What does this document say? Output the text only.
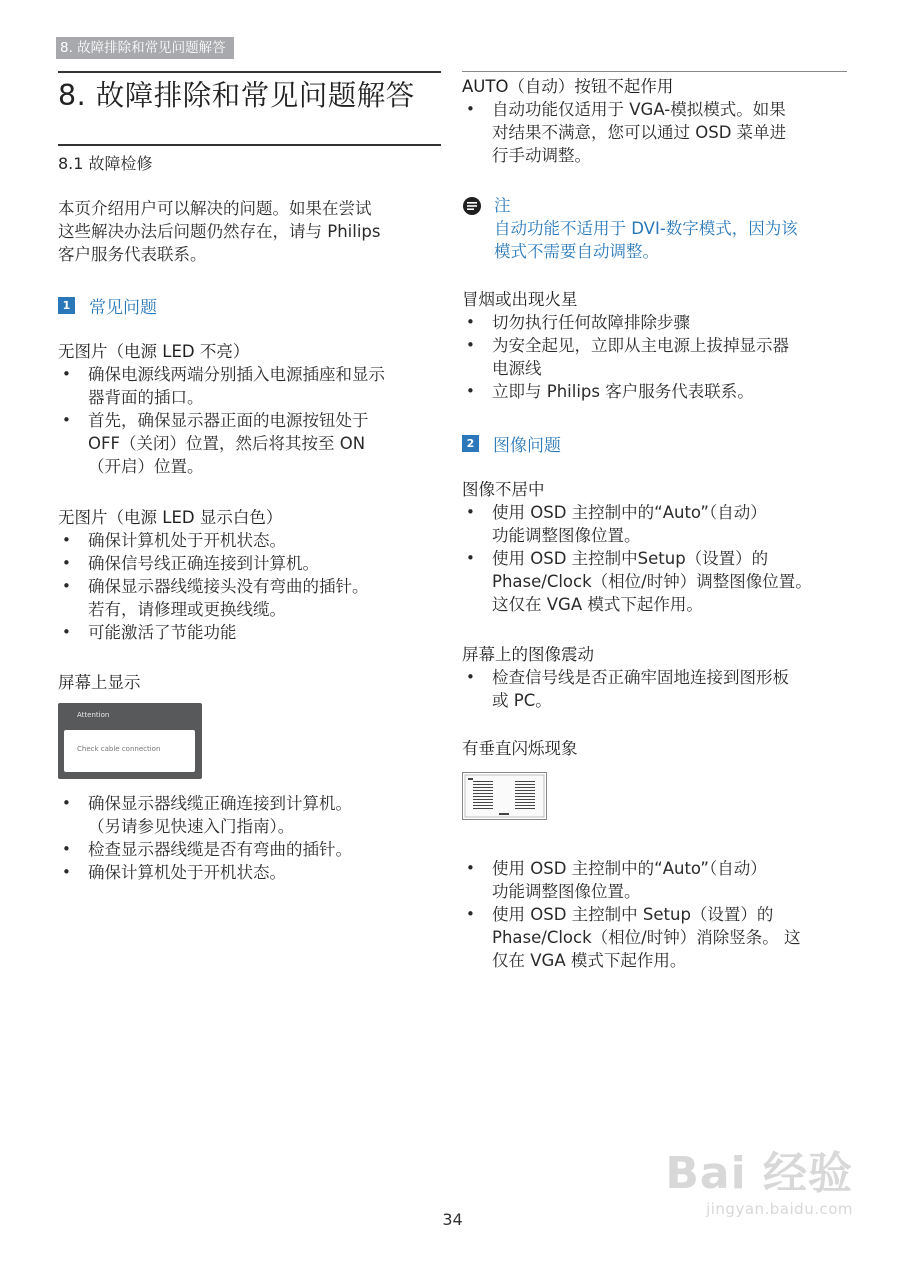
8. 故障排除和常见问题解答
8. 故障排除和常见问题解答
8.1 故障检修

本页介绍用户可以解决的问题。如果在尝试

这些解决办法后问题仍然存在，请与 Philips

客户服务代表联系。

1 常见问题

无图片（电源 LED 不亮）

• 确保电源线两端分别插入电源插座和显示
器背面的插口。
• 首先，确保显示器正面的电源按钮处于
OFF（关闭）位置，然后将其按至 ON
（开启）位置。

无图片（电源 LED 显示白色）

• 确保计算机处于开机状态。
• 确保信号线正确连接到计算机。
• 确保显示器线缆接头没有弯曲的插针。
若有，请修理或更换线缆。
• 可能激活了节能功能

屏幕上显示

Attention
Check cable connection
• 确保显示器线缆正确连接到计算机。
（另请参见快速入门指南）。
• 检查显示器线缆是否有弯曲的插针。
• 确保计算机处于开机状态。

AUTO（自动）按钮不起作用

• 自动功能仅适用于 VGA-模拟模式。如果
对结果不满意，您可以通过 OSD 菜单进
行手动调整。
注

自动功能不适用于 DVI-数字模式，因为该

模式不需要自动调整。

冒烟或出现火星

• 切勿执行任何故障排除步骤
• 为安全起见，立即从主电源上拔掉显示器
电源线
• 立即与 Philips 客户服务代表联系。
2 图像问题

图像不居中

• 使用 OSD 主控制中的“Auto”（自动）
功能调整图像位置。
• 使用 OSD 主控制中Setup（设置）的
Phase/Clock（相位/时钟）调整图像位置。
这仅在 VGA 模式下起作用。

屏幕上的图像震动

• 检查信号线是否正确牢固地连接到图形板
或 PC。

有垂直闪烁现象

• 使用 OSD 主控制中的“Auto”（自动）
功能调整图像位置。
• 使用 OSD 主控制中 Setup（设置）的
Phase/Clock（相位/时钟）消除竖条。 这
仅在 VGA 模式下起作用。
34
Bai 经验
jingyan.baidu.com
